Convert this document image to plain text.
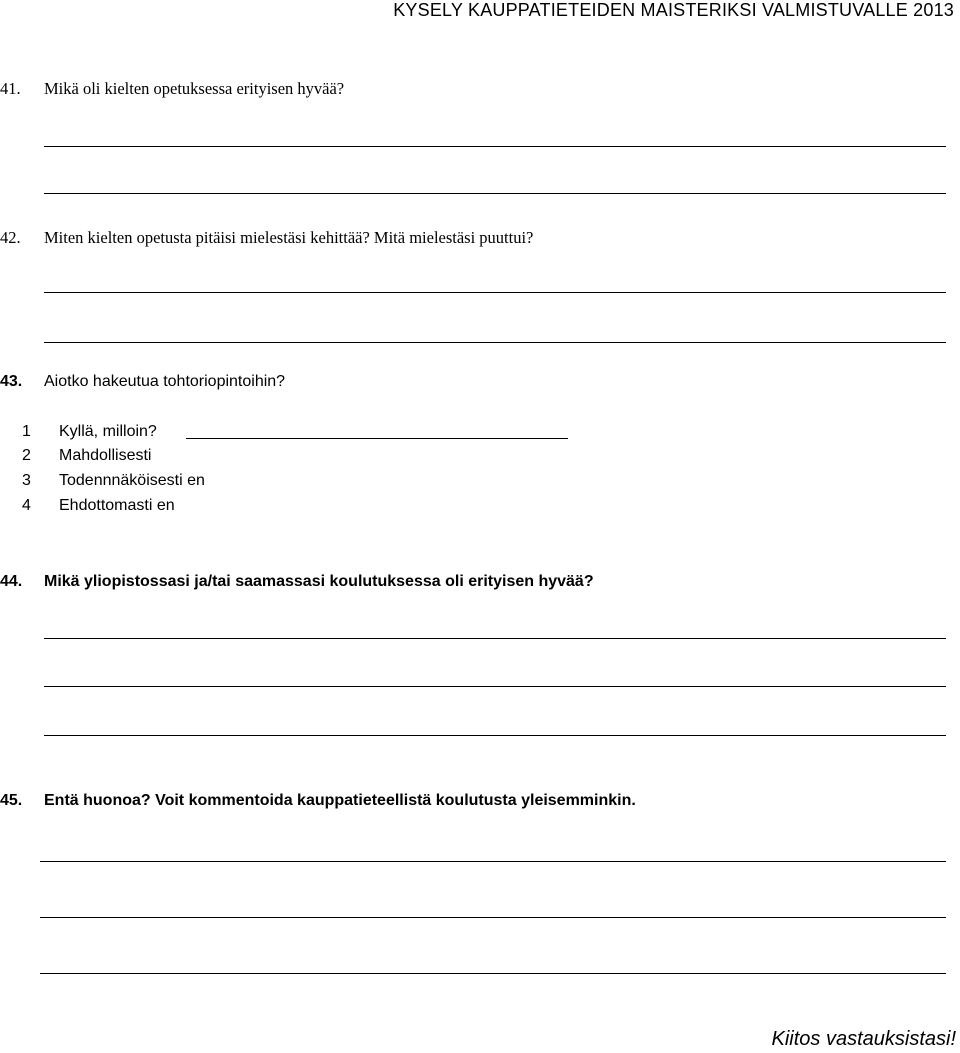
KYSELY KAUPPATIETEIDEN MAISTERIKSI VALMISTUVALLE 2013
41. Mikä oli kielten opetuksessa erityisen hyvää?
42. Miten kielten opetusta pitäisi mielestäsi kehittää? Mitä mielestäsi puuttui?
43. Aiotko hakeutua tohtoriopintoihin?
1 Kyllä, milloin?
2 Mahdollisesti
3 Todennnäköisesti en
4 Ehdottomasti en
44. Mikä yliopistossasi ja/tai saamassasi koulutuksessa oli erityisen hyvää?
45. Entä huonoa? Voit kommentoida kauppatieteellistä koulutusta yleisemminkin.
Kiitos vastauksistasi!
